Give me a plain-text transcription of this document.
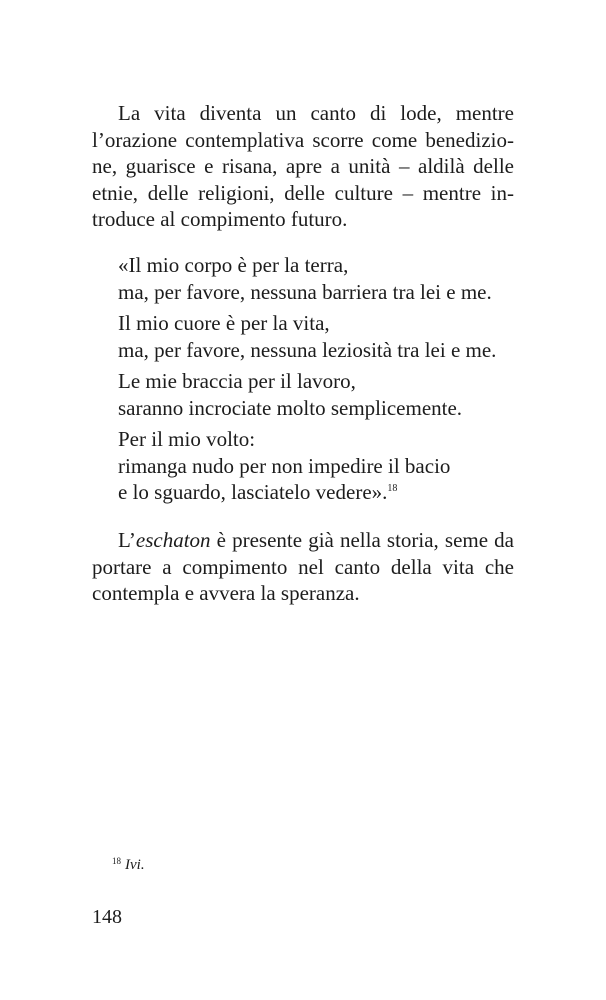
La vita diventa un canto di lode, mentre
l’orazione contemplativa scorre come benedizio-
ne, guarisce e risana, apre a unità – aldilà delle
etnie, delle religioni, delle culture – mentre in-
troduce al compimento futuro.
«Il mio corpo è per la terra,
ma, per favore, nessuna barriera tra lei e me.
Il mio cuore è per la vita,
ma, per favore, nessuna leziosità tra lei e me.
Le mie braccia per il lavoro,
saranno incrociate molto semplicemente.
Per il mio volto:
rimanga nudo per non impedire il bacio
e lo sguardo, lasciatelo vedere».$^{18}$
L’eschaton è presente già nella storia, seme da
portare a compimento nel canto della vita che
contempla e avvera la speranza.
$^{18}$ Ivi.
148
